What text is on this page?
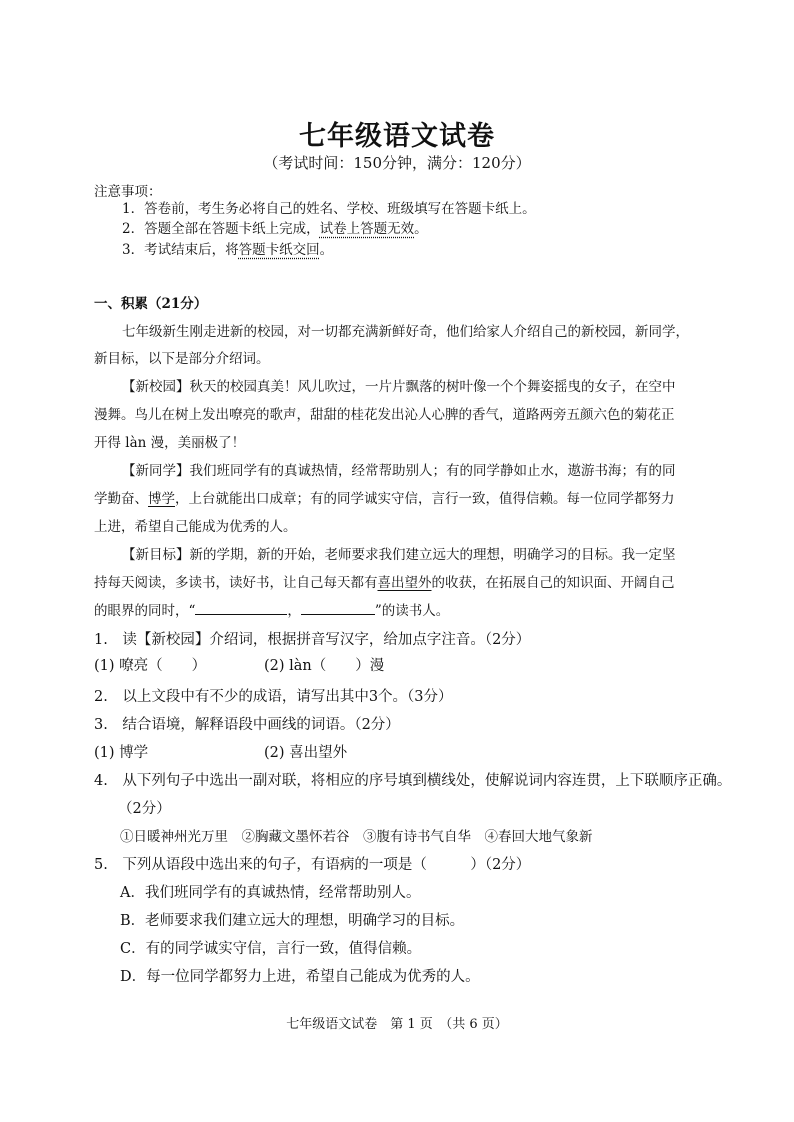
七年级语文试卷
（考试时间：150分钟，满分：120分）
注意事项：
1．答卷前，考生务必将自己的姓名、学校、班级填写在答题卡纸上。
2．答题全部在答题卡纸上完成，试卷上答题无效。
3．考试结束后，将答题卡纸交回。
一、积累（21分）
七年级新生刚走进新的校园，对一切都充满新鲜好奇，他们给家人介绍自己的新校园，新同学，
新目标，以下是部分介绍词。
【新校园】秋天的校园真美！风儿吹过，一片片飘落的树叶像一个个舞姿摇曳的女子，在空中
漫舞。鸟儿在树上发出嘹亮的歌声，甜甜的桂花发出沁人心脾的香气，道路两旁五颜六色的菊花正
开得 làn 漫，美丽极了！
【新同学】我们班同学有的真诚热情，经常帮助别人；有的同学静如止水，遨游书海；有的同
学勤奋、博学，上台就能出口成章；有的同学诚实守信，言行一致，值得信赖。每一位同学都努力
上进，希望自己能成为优秀的人。
【新目标】新的学期，新的开始，老师要求我们建立远大的理想，明确学习的目标。我一定坚
持每天阅读，多读书，读好书，让自己每天都有喜出望外的收获，在拓展自己的知识面、开阔自己
的眼界的同时，“	，	”的读书人。
1.　读【新校园】介绍词，根据拼音写汉字，给加点字注音。（2分）
(1) 嘹亮（　　）	(2) làn（　　）漫
2.　以上文段中有不少的成语，请写出其中3个。（3分）
3.　结合语境，解释语段中画线的词语。（2分）
(1) 博学	(2) 喜出望外
4.　从下列句子中选出一副对联，将相应的序号填到横线处，使解说词内容连贯，上下联顺序正确。
（2分）
①日暖神州光万里　②胸藏文墨怀若谷　③腹有诗书气自华　④春回大地气象新
5.　下列从语段中选出来的句子，有语病的一项是（　　　）（2分）
A．我们班同学有的真诚热情，经常帮助别人。
B．老师要求我们建立远大的理想，明确学习的目标。
C．有的同学诚实守信，言行一致，值得信赖。
D．每一位同学都努力上进，希望自己能成为优秀的人。
七年级语文试卷　第 1 页　（共 6 页）
